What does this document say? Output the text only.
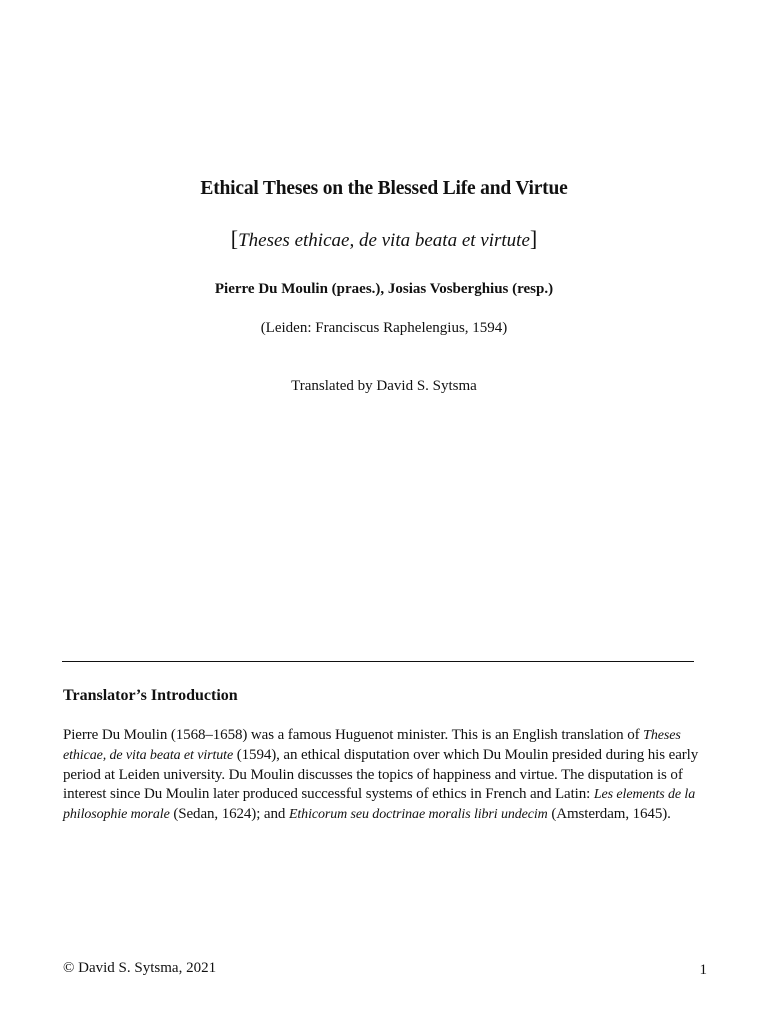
Ethical Theses on the Blessed Life and Virtue
[Theses ethicae, de vita beata et virtute]
Pierre Du Moulin (praes.), Josias Vosberghius (resp.)
(Leiden: Franciscus Raphelengius, 1594)
Translated by David S. Sytsma
Translator’s Introduction
Pierre Du Moulin (1568–1658) was a famous Huguenot minister. This is an English translation of Theses ethicae, de vita beata et virtute (1594), an ethical disputation over which Du Moulin presided during his early period at Leiden university. Du Moulin discusses the topics of happiness and virtue. The disputation is of interest since Du Moulin later produced successful systems of ethics in French and Latin: Les elements de la philosophie morale (Sedan, 1624); and Ethicorum seu doctrinae moralis libri undecim (Amsterdam, 1645).
© David S. Sytsma, 2021	1
